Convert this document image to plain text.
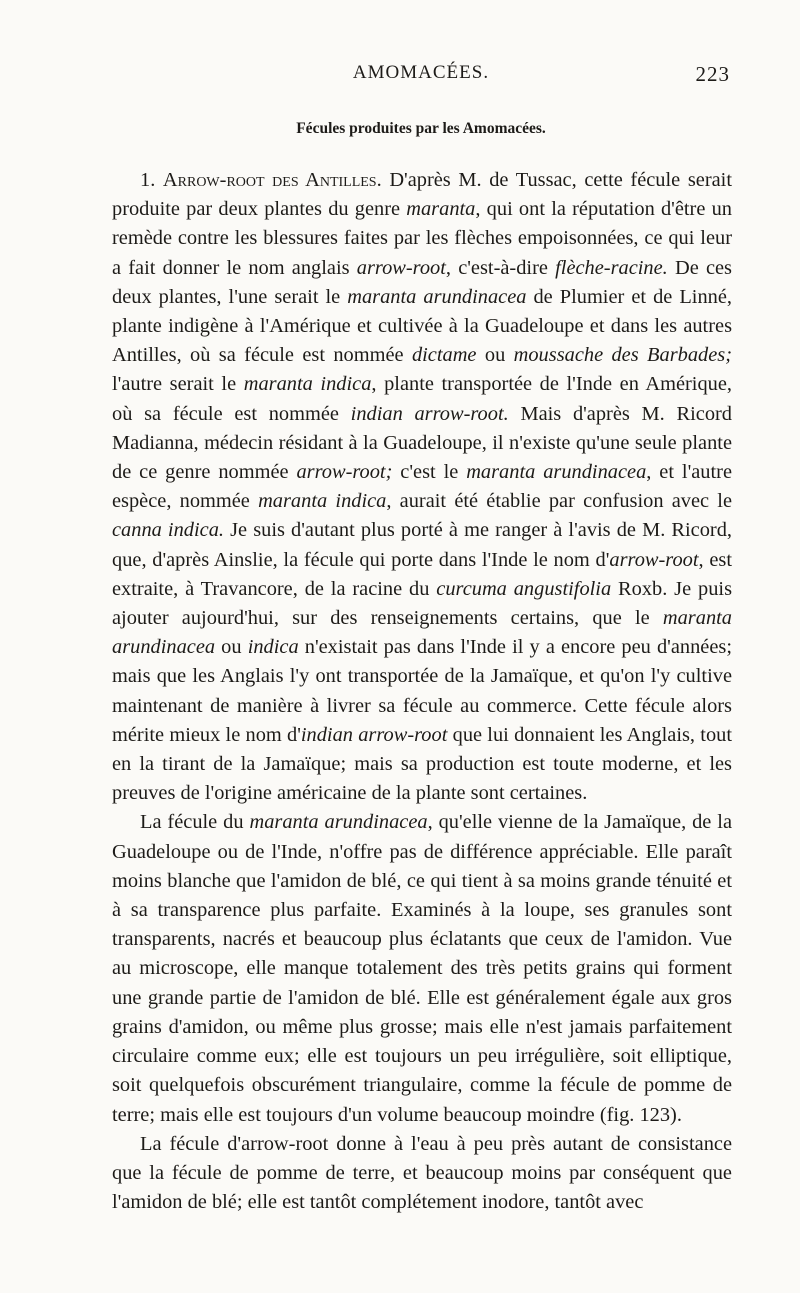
AMOMACÉES.	223
Fécules produites par les Amomacées.

1. Arrow-root des Antilles. D'après M. de Tussac, cette fécule serait produite par deux plantes du genre maranta, qui ont la réputation d'être un remède contre les blessures faites par les flèches empoisonnées, ce qui leur a fait donner le nom anglais arrow-root, c'est-à-dire flèche-racine. De ces deux plantes, l'une serait le maranta arundinacea de Plumier et de Linné, plante indigène à l'Amérique et cultivée à la Guadeloupe et dans les autres Antilles, où sa fécule est nommée dictame ou moussache des Barbades; l'autre serait le maranta indica, plante transportée de l'Inde en Amérique, où sa fécule est nommée indian arrow-root. Mais d'après M. Ricord Madianna, médecin résidant à la Guadeloupe, il n'existe qu'une seule plante de ce genre nommée arrow-root; c'est le maranta arundinacea, et l'autre espèce, nommée maranta indica, aurait été établie par confusion avec le canna indica. Je suis d'autant plus porté à me ranger à l'avis de M. Ricord, que, d'après Ainslie, la fécule qui porte dans l'Inde le nom d'arrow-root, est extraite, à Travancore, de la racine du curcuma angustifolia Roxb. Je puis ajouter aujourd'hui, sur des renseignements certains, que le maranta arundinacea ou indica n'existait pas dans l'Inde il y a encore peu d'années; mais que les Anglais l'y ont transportée de la Jamaïque, et qu'on l'y cultive maintenant de manière à livrer sa fécule au commerce. Cette fécule alors mérite mieux le nom d'indian arrow-root que lui donnaient les Anglais, tout en la tirant de la Jamaïque; mais sa production est toute moderne, et les preuves de l'origine américaine de la plante sont certaines.

La fécule du maranta arundinacea, qu'elle vienne de la Jamaïque, de la Guadeloupe ou de l'Inde, n'offre pas de différence appréciable. Elle paraît moins blanche que l'amidon de blé, ce qui tient à sa moins grande ténuité et à sa transparence plus parfaite. Examinés à la loupe, ses granules sont transparents, nacrés et beaucoup plus éclatants que ceux de l'amidon. Vue au microscope, elle manque totalement des très petits grains qui forment une grande partie de l'amidon de blé. Elle est généralement égale aux gros grains d'amidon, ou même plus grosse; mais elle n'est jamais parfaitement circulaire comme eux; elle est toujours un peu irrégulière, soit elliptique, soit quelquefois obscurément triangulaire, comme la fécule de pomme de terre; mais elle est toujours d'un volume beaucoup moindre (fig. 123).

La fécule d'arrow-root donne à l'eau à peu près autant de consistance que la fécule de pomme de terre, et beaucoup moins par conséquent que l'amidon de blé; elle est tantôt complétement inodore, tantôt avec
